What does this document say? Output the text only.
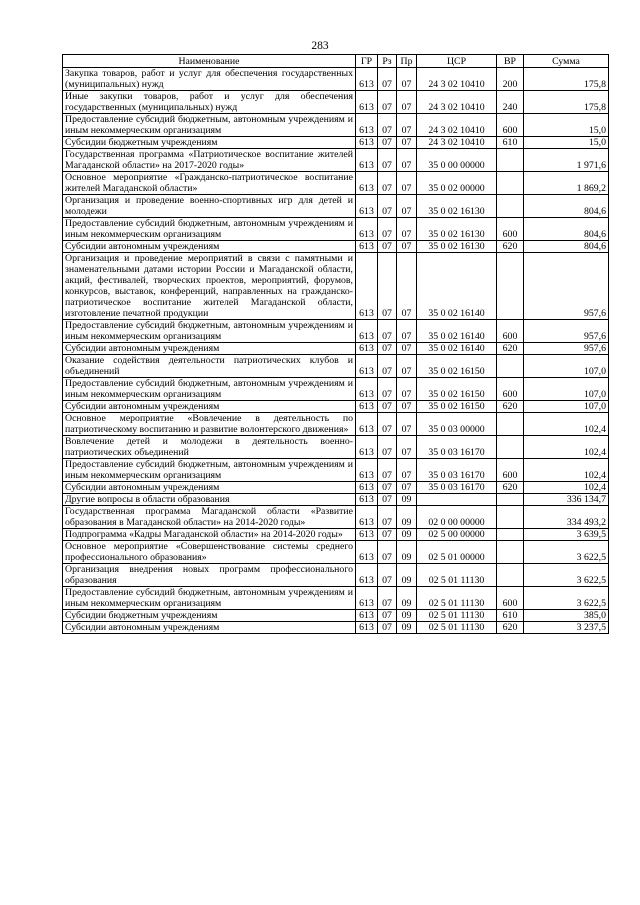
283
Наименование	ГР	Рз	Пр	ЦСР	ВР	Сумма
Закупка товаров, работ и услуг для обеспечения государственных (муниципальных) нужд	613	07	07	24 3 02 10410	200	175,8
Иные закупки товаров, работ и услуг для обеспечения государственных (муниципальных) нужд	613	07	07	24 3 02 10410	240	175,8
Предоставление субсидий бюджетным, автономным учреждениям и иным некоммерческим организациям	613	07	07	24 3 02 10410	600	15,0
Субсидии бюджетным учреждениям	613	07	07	24 3 02 10410	610	15,0
Государственная программа «Патриотическое воспитание жителей Магаданской области» на 2017-2020 годы»	613	07	07	35 0 00 00000		1 971,6
Основное мероприятие «Гражданско-патриотическое воспитание жителей Магаданской области»	613	07	07	35 0 02 00000		1 869,2
Организация и проведение военно-спортивных игр для детей и молодежи	613	07	07	35 0 02 16130		804,6
Предоставление субсидий бюджетным, автономным учреждениям и иным некоммерческим организациям	613	07	07	35 0 02 16130	600	804,6
Субсидии автономным учреждениям	613	07	07	35 0 02 16130	620	804,6
Организация и проведение мероприятий в связи с памятными и знаменательными датами истории России и Магаданской области, акций, фестивалей, творческих проектов, мероприятий, форумов, конкурсов, выставок, конференций, направленных на гражданско-патриотическое воспитание жителей Магаданской области, изготовление печатной продукции	613	07	07	35 0 02 16140		957,6
Предоставление субсидий бюджетным, автономным учреждениям и иным некоммерческим организациям	613	07	07	35 0 02 16140	600	957,6
Субсидии автономным учреждениям	613	07	07	35 0 02 16140	620	957,6
Оказание содействия деятельности патриотических клубов и объединений	613	07	07	35 0 02 16150		107,0
Предоставление субсидий бюджетным, автономным учреждениям и иным некоммерческим организациям	613	07	07	35 0 02 16150	600	107,0
Субсидии автономным учреждениям	613	07	07	35 0 02 16150	620	107,0
Основное мероприятие «Вовлечение в деятельность по патриотическому воспитанию и развитие волонтерского движения»	613	07	07	35 0 03 00000		102,4
Вовлечение детей и молодежи в деятельность военно-патриотических объединений	613	07	07	35 0 03 16170		102,4
Предоставление субсидий бюджетным, автономным учреждениям и иным некоммерческим организациям	613	07	07	35 0 03 16170	600	102,4
Субсидии автономным учреждениям	613	07	07	35 0 03 16170	620	102,4
Другие вопросы в области образования	613	07	09			336 134,7
Государственная программа Магаданской области «Развитие образования в Магаданской области» на 2014-2020 годы»	613	07	09	02 0 00 00000		334 493,2
Подпрограмма «Кадры Магаданской области» на 2014-2020 годы»	613	07	09	02 5 00 00000		3 639,5
Основное мероприятие «Совершенствование системы среднего профессионального образования»	613	07	09	02 5 01 00000		3 622,5
Организация внедрения новых программ профессионального образования	613	07	09	02 5 01 11130		3 622,5
Предоставление субсидий бюджетным, автономным учреждениям и иным некоммерческим организациям	613	07	09	02 5 01 11130	600	3 622,5
Субсидии бюджетным учреждениям	613	07	09	02 5 01 11130	610	385,0
Субсидии автономным учреждениям	613	07	09	02 5 01 11130	620	3 237,5
